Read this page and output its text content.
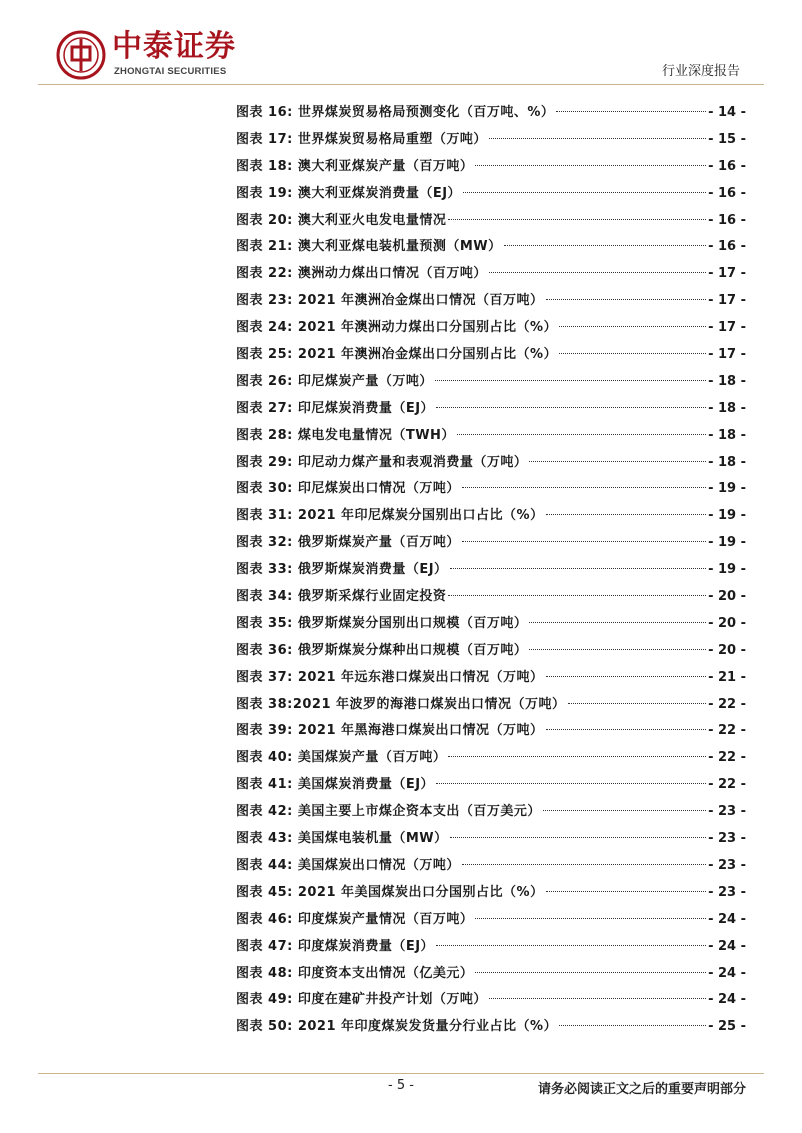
中泰证券
ZHONGTAI SECURITIES	行业深度报告
图表 16: 世界煤炭贸易格局预测变化（百万吨、%）	- 14 -
图表 17: 世界煤炭贸易格局重塑（万吨）	- 15 -
图表 18: 澳大利亚煤炭产量（百万吨）	- 16 -
图表 19: 澳大利亚煤炭消费量（EJ）	- 16 -
图表 20: 澳大利亚火电发电量情况	- 16 -
图表 21: 澳大利亚煤电装机量预测（MW）	- 16 -
图表 22: 澳洲动力煤出口情况（百万吨）	- 17 -
图表 23: 2021 年澳洲冶金煤出口情况（百万吨）	- 17 -
图表 24: 2021 年澳洲动力煤出口分国别占比（%）	- 17 -
图表 25: 2021 年澳洲冶金煤出口分国别占比（%）	- 17 -
图表 26: 印尼煤炭产量（万吨）	- 18 -
图表 27: 印尼煤炭消费量（EJ）	- 18 -
图表 28: 煤电发电量情况（TWH）	- 18 -
图表 29: 印尼动力煤产量和表观消费量（万吨）	- 18 -
图表 30: 印尼煤炭出口情况（万吨）	- 19 -
图表 31: 2021 年印尼煤炭分国别出口占比（%）	- 19 -
图表 32: 俄罗斯煤炭产量（百万吨）	- 19 -
图表 33: 俄罗斯煤炭消费量（EJ）	- 19 -
图表 34: 俄罗斯采煤行业固定投资	- 20 -
图表 35: 俄罗斯煤炭分国别出口规模（百万吨）	- 20 -
图表 36: 俄罗斯煤炭分煤种出口规模（百万吨）	- 20 -
图表 37: 2021 年远东港口煤炭出口情况（万吨）	- 21 -
图表 38:2021 年波罗的海港口煤炭出口情况（万吨）	- 22 -
图表 39: 2021 年黑海港口煤炭出口情况（万吨）	- 22 -
图表 40: 美国煤炭产量（百万吨）	- 22 -
图表 41: 美国煤炭消费量（EJ）	- 22 -
图表 42: 美国主要上市煤企资本支出（百万美元）	- 23 -
图表 43: 美国煤电装机量（MW）	- 23 -
图表 44: 美国煤炭出口情况（万吨）	- 23 -
图表 45: 2021 年美国煤炭出口分国别占比（%）	- 23 -
图表 46: 印度煤炭产量情况（百万吨）	- 24 -
图表 47: 印度煤炭消费量（EJ）	- 24 -
图表 48: 印度资本支出情况（亿美元）	- 24 -
图表 49: 印度在建矿井投产计划（万吨）	- 24 -
图表 50: 2021 年印度煤炭发货量分行业占比（%）	- 25 -
- 5 -	请务必阅读正文之后的重要声明部分
